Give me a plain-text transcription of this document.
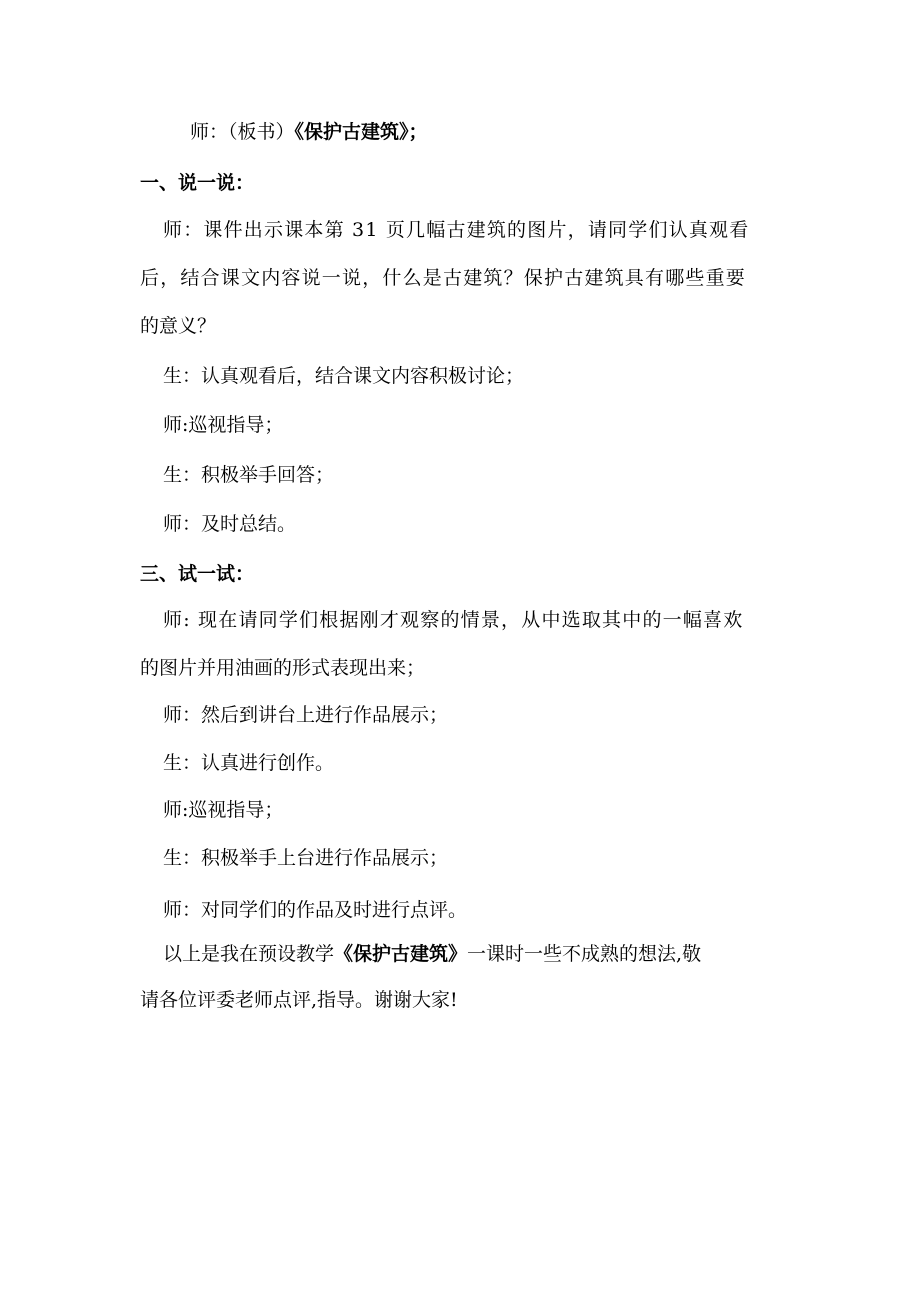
师：（板书）《保护古建筑》；
一、说一说：
师：课件出示课本第 31 页几幅古建筑的图片，请同学们认真观看
后，结合课文内容说一说，什么是古建筑？保护古建筑具有哪些重要
的意义？
生：认真观看后，结合课文内容积极讨论；
师:巡视指导；
生：积极举手回答；
师：及时总结。
三、试一试：
师: 现在请同学们根据刚才观察的情景，从中选取其中的一幅喜欢
的图片并用油画的形式表现出来；
师：然后到讲台上进行作品展示；
生：认真进行创作。
师:巡视指导；
生：积极举手上台进行作品展示；
师：对同学们的作品及时进行点评。
以上是我在预设教学《保护古建筑》一课时一些不成熟的想法,敬
请各位评委老师点评,指导。谢谢大家!
